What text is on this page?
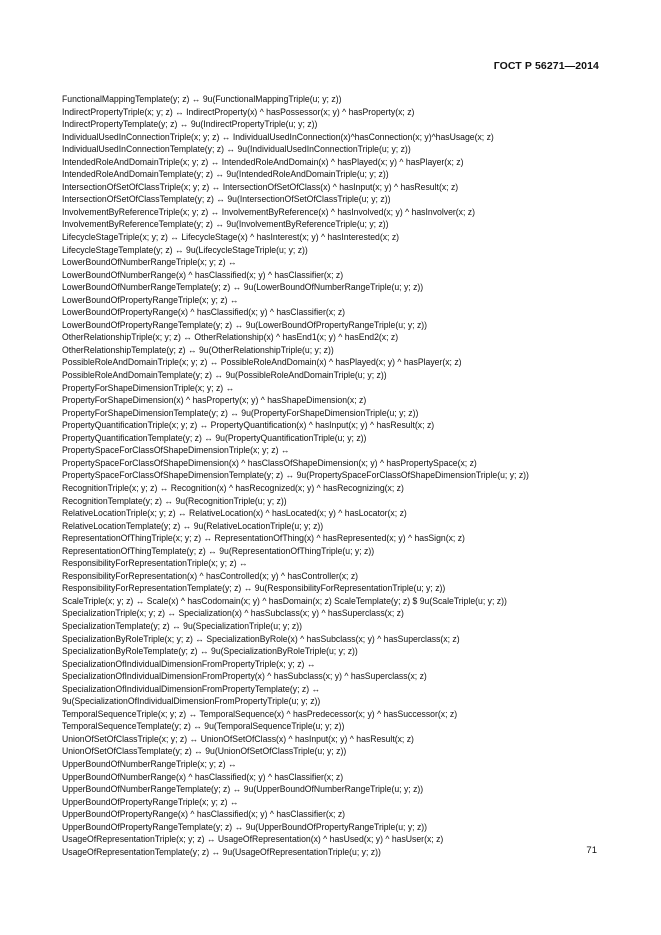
ГОСТ Р 56271—2014
FunctionalMappingTemplate(y; z) ↔ 9u(FunctionalMappingTriple(u; y; z))
IndirectPropertyTriple(x; y; z) ↔ IndirectProperty(x) ^ hasPossessor(x; y) ^ hasProperty(x; z)
IndirectPropertyTemplate(y; z) ↔ 9u(IndirectPropertyTriple(u; y; z))
IndividualUsedInConnectionTriple(x; y; z) ↔ IndividualUsedInConnection(x)^hasConnection(x; y)^hasUsage(x; z)
IndividualUsedInConnectionTemplate(y; z) ↔ 9u(IndividualUsedInConnectionTriple(u; y; z))
IntendedRoleAndDomainTriple(x; y; z) ↔ IntendedRoleAndDomain(x) ^ hasPlayed(x; y) ^ hasPlayer(x; z)
IntendedRoleAndDomainTemplate(y; z) ↔ 9u(IntendedRoleAndDomainTriple(u; y; z))
IntersectionOfSetOfClassTriple(x; y; z) ↔ IntersectionOfSetOfClass(x) ^ hasInput(x; y) ^ hasResult(x; z)
IntersectionOfSetOfClassTemplate(y; z) ↔ 9u(IntersectionOfSetOfClassTriple(u; y; z))
InvolvementByReferenceTriple(x; y; z) ↔ InvolvementByReference(x) ^ hasInvolved(x; y) ^ hasInvolver(x; z)
InvolvementByReferenceTemplate(y; z) ↔ 9u(InvolvementByReferenceTriple(u; y; z))
LifecycleStageTriple(x; y; z) ↔ LifecycleStage(x) ^ hasInterest(x; y) ^ hasInterested(x; z)
LifecycleStageTemplate(y; z) ↔ 9u(LifecycleStageTriple(u; y; z))
LowerBoundOfNumberRangeTriple(x; y; z) ↔
LowerBoundOfNumberRange(x) ^ hasClassified(x; y) ^ hasClassifier(x; z)
LowerBoundOfNumberRangeTemplate(y; z) ↔ 9u(LowerBoundOfNumberRangeTriple(u; y; z))
LowerBoundOfPropertyRangeTriple(x; y; z) ↔
LowerBoundOfPropertyRange(x) ^ hasClassified(x; y) ^ hasClassifier(x; z)
LowerBoundOfPropertyRangeTemplate(y; z) ↔ 9u(LowerBoundOfPropertyRangeTriple(u; y; z))
OtherRelationshipTriple(x; y; z) ↔ OtherRelationship(x) ^ hasEnd1(x; y) ^ hasEnd2(x; z)
OtherRelationshipTemplate(y; z) ↔ 9u(OtherRelationshipTriple(u; y; z))
PossibleRoleAndDomainTriple(x; y; z) ↔ PossibleRoleAndDomain(x) ^ hasPlayed(x; y) ^ hasPlayer(x; z)
PossibleRoleAndDomainTemplate(y; z) ↔ 9u(PossibleRoleAndDomainTriple(u; y; z))
PropertyForShapeDimensionTriple(x; y; z) ↔
PropertyForShapeDimension(x) ^ hasProperty(x; y) ^ hasShapeDimension(x; z)
PropertyForShapeDimensionTemplate(y; z) ↔ 9u(PropertyForShapeDimensionTriple(u; y; z))
PropertyQuantificationTriple(x; y; z) ↔ PropertyQuantification(x) ^ hasInput(x; y) ^ hasResult(x; z)
PropertyQuantificationTemplate(y; z) ↔ 9u(PropertyQuantificationTriple(u; y; z))
PropertySpaceForClassOfShapeDimensionTriple(x; y; z) ↔
PropertySpaceForClassOfShapeDimension(x) ^ hasClassOfShapeDimension(x; y) ^ hasPropertySpace(x; z)
PropertySpaceForClassOfShapeDimensionTemplate(y; z) ↔ 9u(PropertySpaceForClassOfShapeDimensionTriple(u; y; z))
RecognitionTriple(x; y; z) ↔ Recognition(x) ^ hasRecognized(x; y) ^ hasRecognizing(x; z)
RecognitionTemplate(y; z) ↔ 9u(RecognitionTriple(u; y; z))
RelativeLocationTriple(x; y; z) ↔ RelativeLocation(x) ^ hasLocated(x; y) ^ hasLocator(x; z)
RelativeLocationTemplate(y; z) ↔ 9u(RelativeLocationTriple(u; y; z))
RepresentationOfThingTriple(x; y; z) ↔ RepresentationOfThing(x) ^ hasRepresented(x; y) ^ hasSign(x; z)
RepresentationOfThingTemplate(y; z) ↔ 9u(RepresentationOfThingTriple(u; y; z))
ResponsibilityForRepresentationTriple(x; y; z) ↔
ResponsibilityForRepresentation(x) ^ hasControlled(x; y) ^ hasController(x; z)
ResponsibilityForRepresentationTemplate(y; z) ↔ 9u(ResponsibilityForRepresentationTriple(u; y; z))
ScaleTriple(x; y; z) ↔ Scale(x) ^ hasCodomain(x; y) ^ hasDomain(x; z) ScaleTemplate(y; z) $ 9u(ScaleTriple(u; y; z))
SpecializationTriple(x; y; z) ↔ Specialization(x) ^ hasSubclass(x; y) ^ hasSuperclass(x; z)
SpecializationTemplate(y; z) ↔ 9u(SpecializationTriple(u; y; z))
SpecializationByRoleTriple(x; y; z) ↔ SpecializationByRole(x) ^ hasSubclass(x; y) ^ hasSuperclass(x; z)
SpecializationByRoleTemplate(y; z) ↔ 9u(SpecializationByRoleTriple(u; y; z))
SpecializationOfIndividualDimensionFromPropertyTriple(x; y; z) ↔
SpecializationOfIndividualDimensionFromProperty(x) ^ hasSubclass(x; y) ^ hasSuperclass(x; z)
SpecializationOfIndividualDimensionFromPropertyTemplate(y; z) ↔
9u(SpecializationOfIndividualDimensionFromPropertyTriple(u; y; z))
TemporalSequenceTriple(x; y; z) ↔ TemporalSequence(x) ^ hasPredecessor(x; y) ^ hasSuccessor(x; z)
TemporalSequenceTemplate(y; z) ↔ 9u(TemporalSequenceTriple(u; y; z))
UnionOfSetOfClassTriple(x; y; z) ↔ UnionOfSetOfClass(x) ^ hasInput(x; y) ^ hasResult(x; z)
UnionOfSetOfClassTemplate(y; z) ↔ 9u(UnionOfSetOfClassTriple(u; y; z))
UpperBoundOfNumberRangeTriple(x; y; z) ↔
UpperBoundOfNumberRange(x) ^ hasClassified(x; y) ^ hasClassifier(x; z)
UpperBoundOfNumberRangeTemplate(y; z) ↔ 9u(UpperBoundOfNumberRangeTriple(u; y; z))
UpperBoundOfPropertyRangeTriple(x; y; z) ↔
UpperBoundOfPropertyRange(x) ^ hasClassified(x; y) ^ hasClassifier(x; z)
UpperBoundOfPropertyRangeTemplate(y; z) ↔ 9u(UpperBoundOfPropertyRangeTriple(u; y; z))
UsageOfRepresentationTriple(x; y; z) ↔ UsageOfRepresentation(x) ^ hasUsed(x; y) ^ hasUser(x; z)
UsageOfRepresentationTemplate(y; z) ↔ 9u(UsageOfRepresentationTriple(u; y; z))	71
